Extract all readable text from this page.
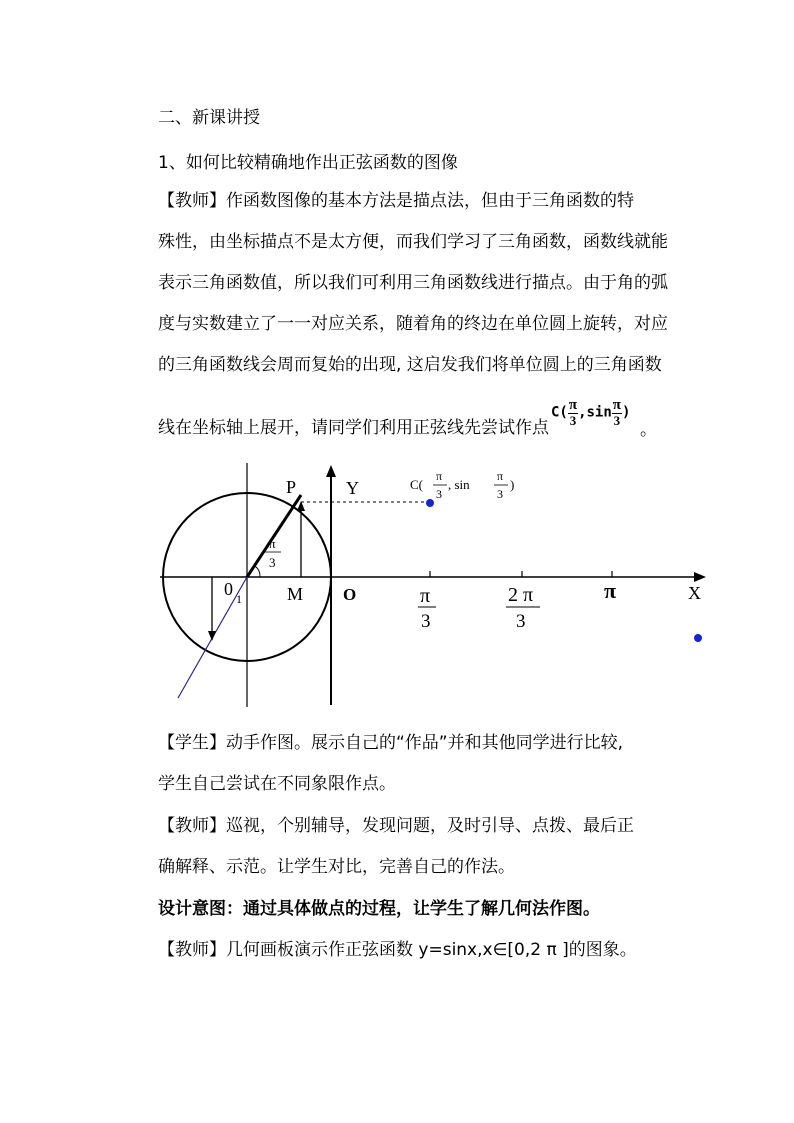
二、新课讲授
1、如何比较精确地作出正弦函数的图像
【教师】作函数图像的基本方法是描点法，但由于三角函数的特
殊性，由坐标描点不是太方便，而我们学习了三角函数，函数线就能
表示三角函数值，所以我们可利用三角函数线进行描点。由于角的弧
度与实数建立了一一对应关系，随着角的终边在单位圆上旋转，对应
的三角函数线会周而复始的出现, 这启发我们将单位圆上的三角函数
线在坐标轴上展开，请同学们利用正弦线先尝试作点
$C( \frac{\pi}{3} ,\sin \frac{\pi}{3}$ )
。
P	Y
0 1	M O	X
π
3
C(
π
3
, sin
π
3
)
π
3
2 π
3
π
【学生】动手作图。展示自己的“作品”并和其他同学进行比较,
学生自己尝试在不同象限作点。
【教师】巡视，个别辅导，发现问题，及时引导、点拨、最后正
确解释、示范。让学生对比，完善自己的作法。
设计意图：通过具体做点的过程，让学生了解几何法作图。
【教师】几何画板演示作正弦函数 y=sinx,x∈[0,2 π ]的图象。
